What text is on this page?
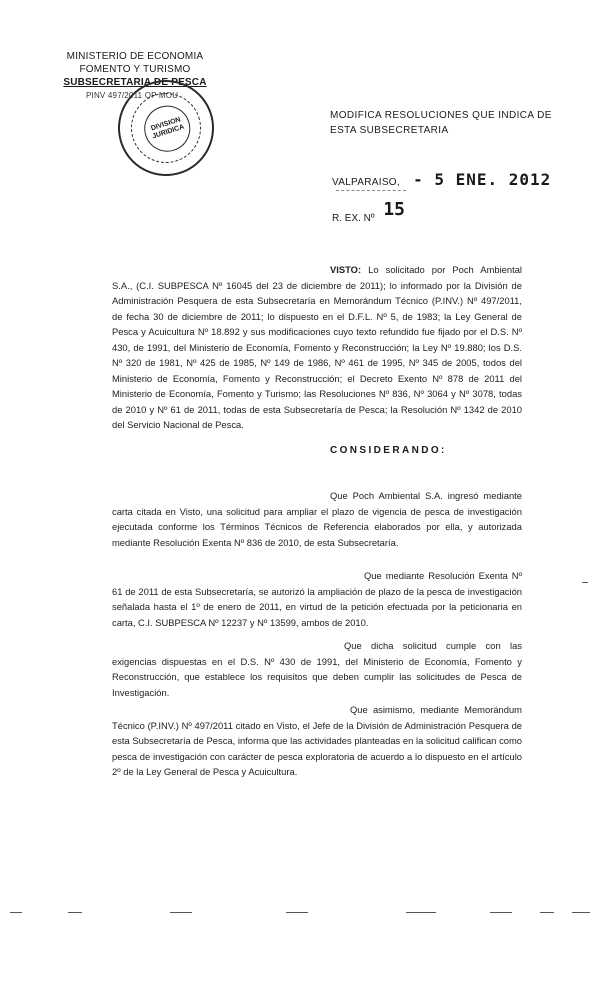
MINISTERIO DE ECONOMIA
FOMENTO Y TURISMO
SUBSECRETARIA DE PESCA
PINV 497/2011 OP MOU
DIVISION JURIDICA
MODIFICA RESOLUCIONES QUE INDICA DE ESTA SUBSECRETARIA
VALPARAISO, - 5 ENE. 2012
R. EX. Nº 15
VISTO: Lo solicitado por Poch Ambiental S.A., (C.I. SUBPESCA Nº 16045 del 23 de diciembre de 2011); lo informado por la División de Administración Pesquera de esta Subsecretaría en Memorándum Técnico (P.INV.) Nº 497/2011, de fecha 30 de diciembre de 2011; lo dispuesto en el D.F.L. Nº 5, de 1983; la Ley General de Pesca y Acuicultura Nº 18.892 y sus modificaciones cuyo texto refundido fue fijado por el D.S. Nº 430, de 1991, del Ministerio de Economía, Fomento y Reconstrucción; la Ley Nº 19.880; los D.S. Nº 320 de 1981, Nº 425 de 1985, Nº 149 de 1986, Nº 461 de 1995, Nº 345 de 2005, todos del Ministerio de Economía, Fomento y Reconstrucción; el Decreto Exento Nº 878 de 2011 del Ministerio de Economía, Fomento y Turismo; las Resoluciones Nº 836, Nº 3064 y Nº 3078, todas de 2010 y Nº 61 de 2011, todas de esta Subsecretaría de Pesca; la Resolución Nº 1342 de 2010 del Servicio Nacional de Pesca.
CONSIDERANDO:
Que Poch Ambiental S.A. ingresó mediante carta citada en Visto, una solicitud para ampliar el plazo de vigencia de pesca de investigación ejecutada conforme los Términos Técnicos de Referencia elaborados por ella, y autorizada mediante Resolución Exenta Nº 836 de 2010, de esta Subsecretaría.
Que mediante Resolución Exenta Nº 61 de 2011 de esta Subsecretaría, se autorizó la ampliación de plazo de la pesca de investigación señalada hasta el 1º de enero de 2011, en virtud de la petición efectuada por la peticionaria en carta, C.I. SUBPESCA Nº 12237 y Nº 13599, ambos de 2010.
Que dicha solicitud cumple con las exigencias dispuestas en el D.S. Nº 430 de 1991, del Ministerio de Economía, Fomento y Reconstrucción, que establece los requisitos que deben cumplir las solicitudes de Pesca de Investigación.
Que asimismo, mediante Memorándum Técnico (P.INV.) Nº 497/2011 citado en Visto, el Jefe de la División de Administración Pesquera de esta Subsecretaría de Pesca, informa que las actividades planteadas en la solicitud califican como pesca de investigación con carácter de pesca exploratoria de acuerdo a lo dispuesto en el artículo 2º de la Ley General de Pesca y Acuicultura.
